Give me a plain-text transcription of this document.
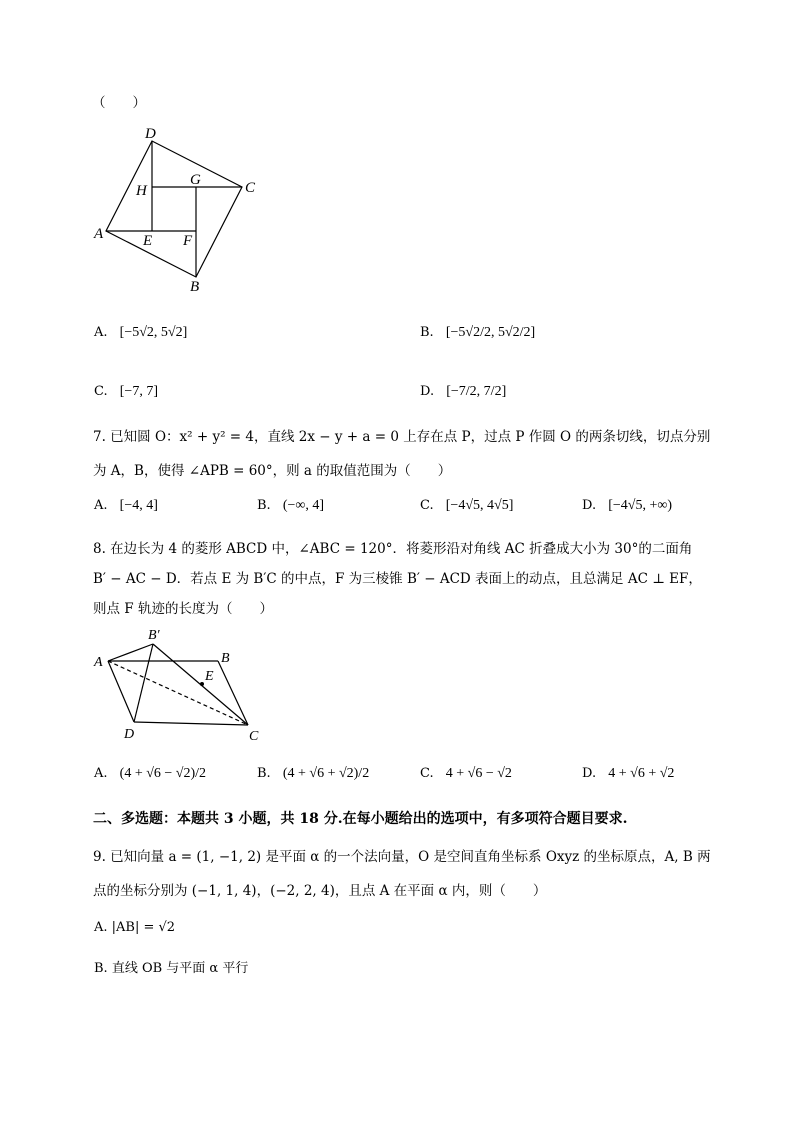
（　　）
D
H
G	C
A	E F
B
A. [−5√2, 5√2]	B. [−5√2/2, 5√2/2]
C. [−7, 7]	D. [−7/2, 7/2]
7. 已知圆 O：x² + y² = 4，直线 2x − y + a = 0 上存在点 P，过点 P 作圆 O 的两条切线，切点分别
为 A，B，使得 ∠APB = 60°，则 a 的取值范围为（　　）
A. [−4, 4]	B. (−∞, 4]	C. [−4√5, 4√5]	D. [−4√5, +∞)
8. 在边长为 4 的菱形 ABCD 中，∠ABC = 120°．将菱形沿对角线 AC 折叠成大小为 30°的二面角
B′ − AC − D．若点 E 为 B′C 的中点，F 为三棱锥 B′ − ACD 表面上的动点，且总满足 AC ⊥ EF，
则点 F 轨迹的长度为（　　）
A
B′
B
E
D	C
A. (4 + √6 − √2)/2	B. (4 + √6 + √2)/2	C. 4 + √6 − √2	D. 4 + √6 + √2
二、多选题：本题共 3 小题，共 18 分.在每小题给出的选项中，有多项符合题目要求.
9. 已知向量 a = (1, −1, 2) 是平面 α 的一个法向量，O 是空间直角坐标系 Oxyz 的坐标原点，A, B 两
点的坐标分别为 (−1, 1, 4)，(−2, 2, 4)，且点 A 在平面 α 内，则（　　）
A. |AB| = √2
B. 直线 OB 与平面 α 平行
